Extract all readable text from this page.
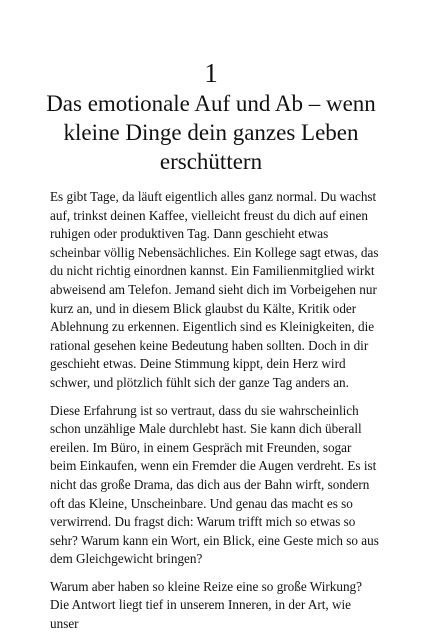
1
Das emotionale Auf und Ab – wenn kleine Dinge dein ganzes Leben erschüttern

Es gibt Tage, da läuft eigentlich alles ganz normal. Du wachst auf, trinkst deinen Kaffee, vielleicht freust du dich auf einen ruhigen oder produktiven Tag. Dann geschieht etwas scheinbar völlig Nebensächliches. Ein Kollege sagt etwas, das du nicht richtig einordnen kannst. Ein Familienmitglied wirkt abweisend am Telefon. Jemand sieht dich im Vorbeigehen nur kurz an, und in diesem Blick glaubst du Kälte, Kritik oder Ablehnung zu erkennen. Eigentlich sind es Kleinigkeiten, die rational gesehen keine Bedeutung haben sollten. Doch in dir geschieht etwas. Deine Stimmung kippt, dein Herz wird schwer, und plötzlich fühlt sich der ganze Tag anders an.

Diese Erfahrung ist so vertraut, dass du sie wahrscheinlich schon unzählige Male durchlebt hast. Sie kann dich überall ereilen. Im Büro, in einem Gespräch mit Freunden, sogar beim Einkaufen, wenn ein Fremder die Augen verdreht. Es ist nicht das große Drama, das dich aus der Bahn wirft, sondern oft das Kleine, Unscheinbare. Und genau das macht es so verwirrend. Du fragst dich: Warum trifft mich so etwas so sehr? Warum kann ein Wort, ein Blick, eine Geste mich so aus dem Gleichgewicht bringen?

Warum aber haben so kleine Reize eine so große Wirkung? Die Antwort liegt tief in unserem Inneren, in der Art, wie unser
